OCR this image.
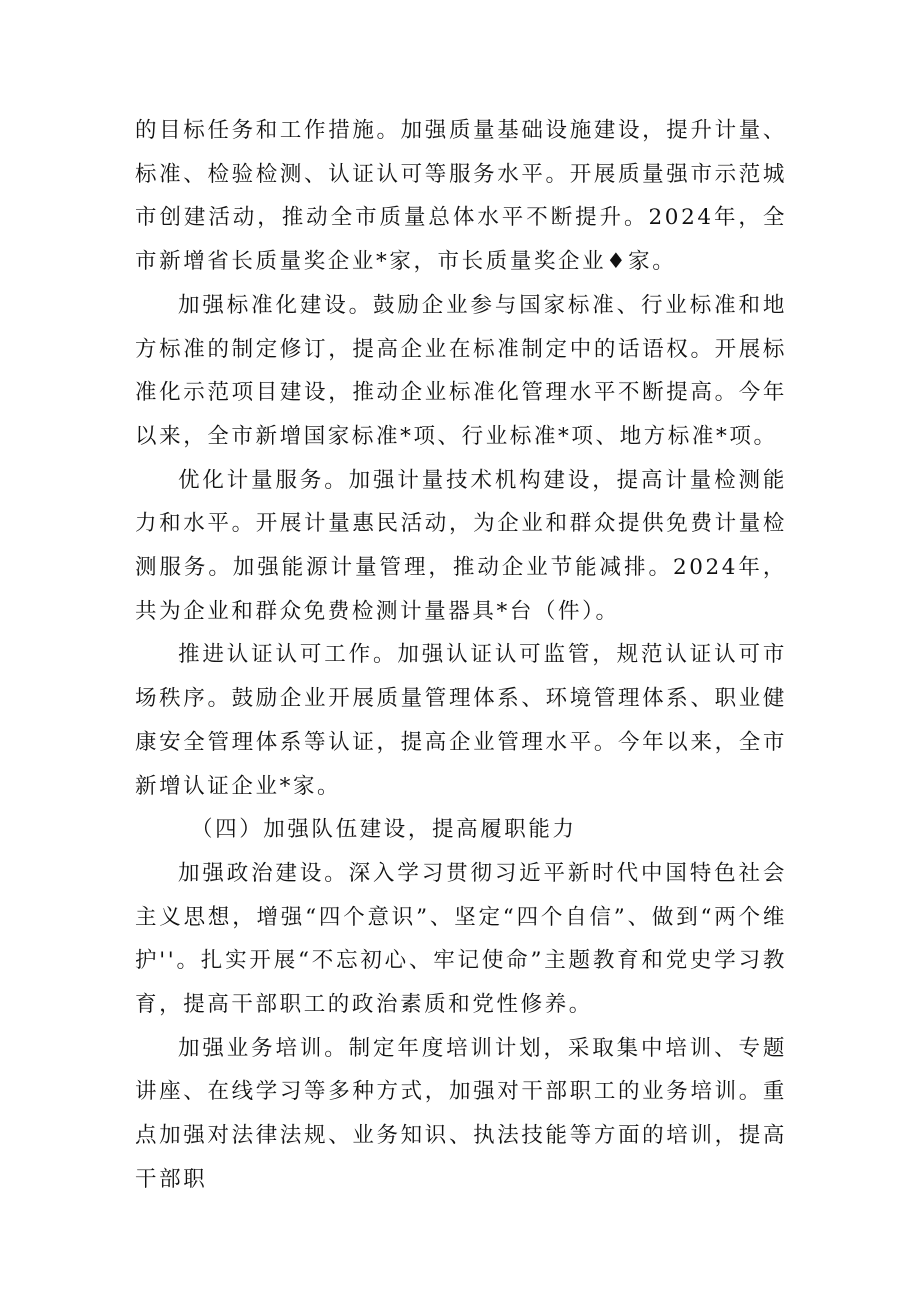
的目标任务和工作措施。加强质量基础设施建设，提升计量、标准、检验检测、认证认可等服务水平。开展质量强市示范城市创建活动，推动全市质量总体水平不断提升。2024年，全市新增省长质量奖企业*家，市长质量奖企业♦家。

加强标准化建设。鼓励企业参与国家标准、行业标准和地方标准的制定修订，提高企业在标准制定中的话语权。开展标准化示范项目建设，推动企业标准化管理水平不断提高。今年以来，全市新增国家标准*项、行业标准*项、地方标准*项。

优化计量服务。加强计量技术机构建设，提高计量检测能力和水平。开展计量惠民活动，为企业和群众提供免费计量检测服务。加强能源计量管理，推动企业节能减排。2024年，共为企业和群众免费检测计量器具*台（件）。

推进认证认可工作。加强认证认可监管，规范认证认可市场秩序。鼓励企业开展质量管理体系、环境管理体系、职业健康安全管理体系等认证，提高企业管理水平。今年以来，全市新增认证企业*家。

（四）加强队伍建设，提高履职能力

加强政治建设。深入学习贯彻习近平新时代中国特色社会主义思想，增强“四个意识”、坚定“四个自信”、做到“两个维护''。扎实开展“不忘初心、牢记使命”主题教育和党史学习教育，提高干部职工的政治素质和党性修养。

加强业务培训。制定年度培训计划，采取集中培训、专题讲座、在线学习等多种方式，加强对干部职工的业务培训。重点加强对法律法规、业务知识、执法技能等方面的培训，提高干部职
